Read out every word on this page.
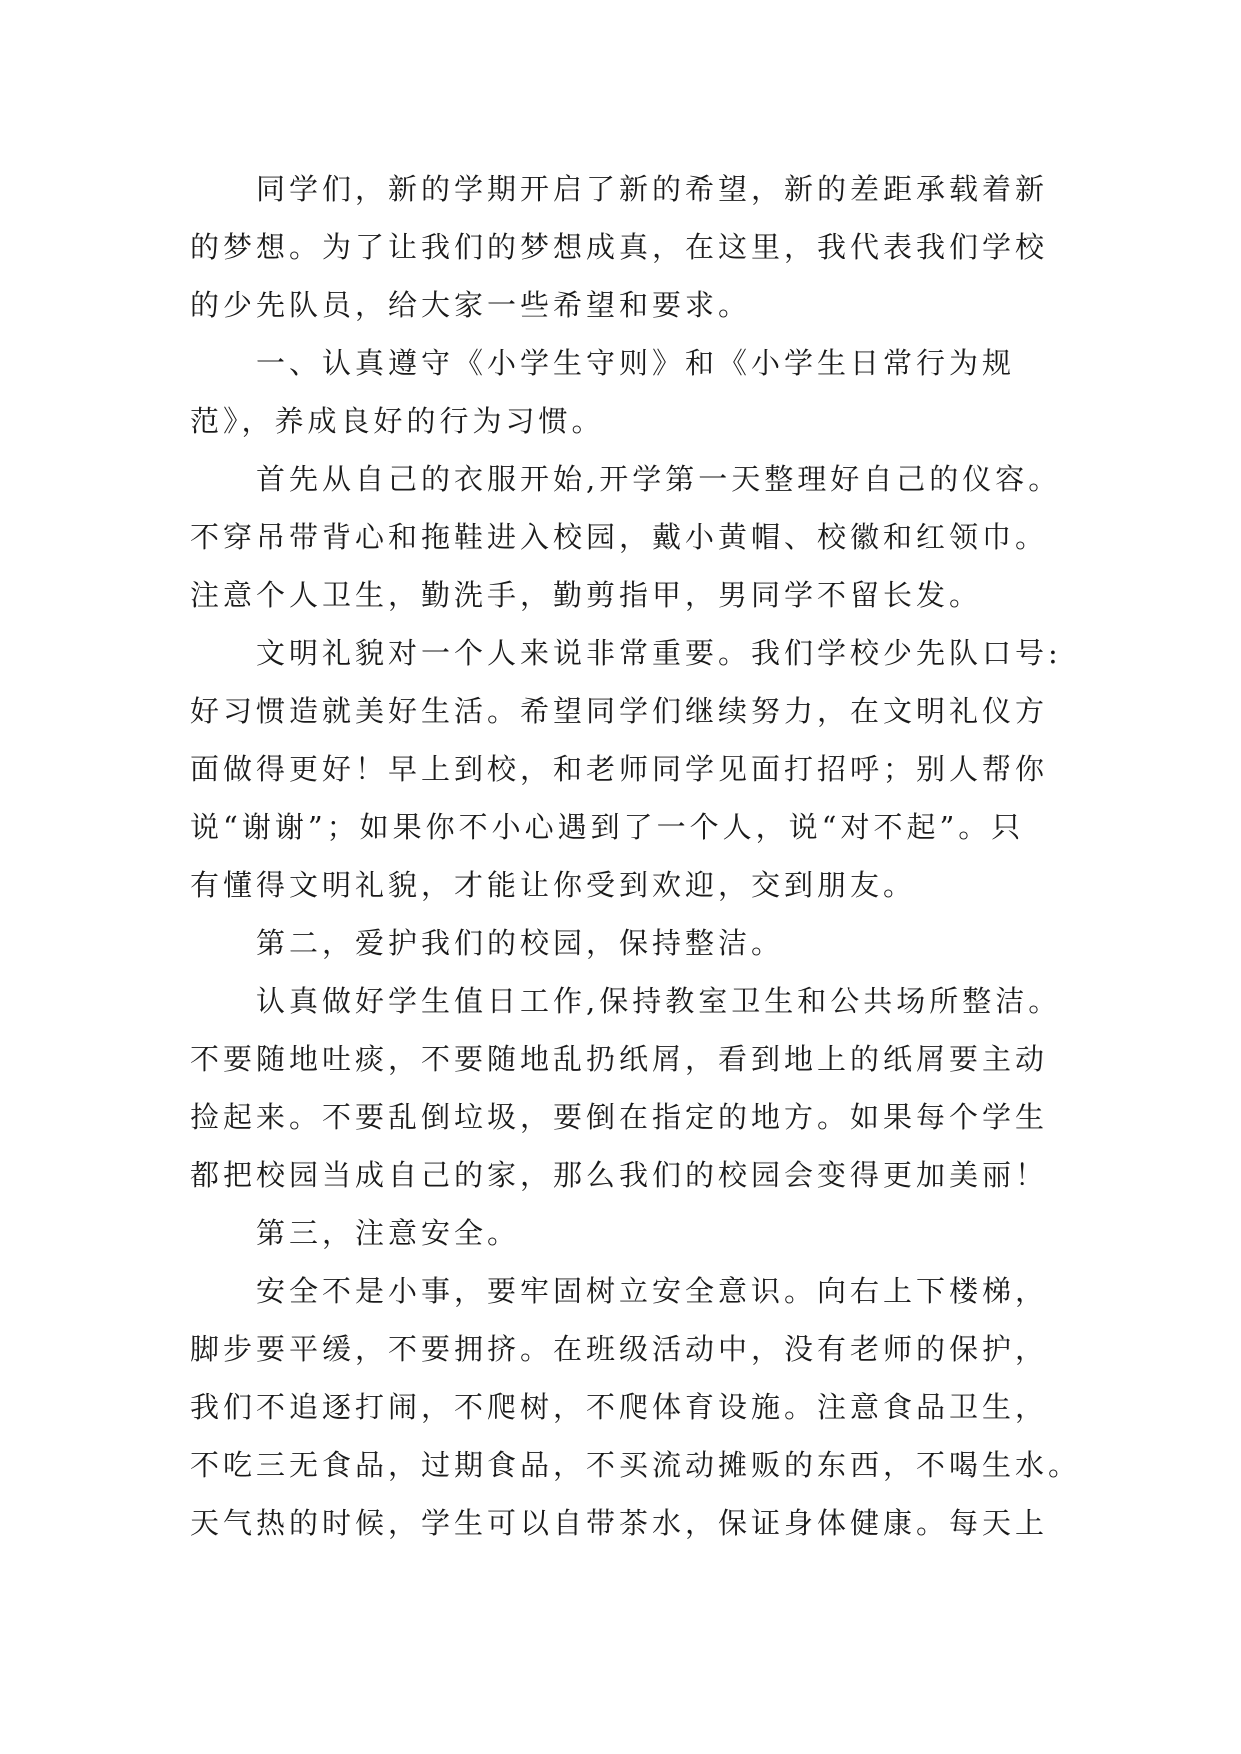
　　同学们，新的学期开启了新的希望，新的差距承载着新
的梦想。为了让我们的梦想成真，在这里，我代表我们学校
的少先队员，给大家一些希望和要求。
　　一、认真遵守《小学生守则》和《小学生日常行为规
范》，养成良好的行为习惯。
　　首先从自己的衣服开始,开学第一天整理好自己的仪容。
不穿吊带背心和拖鞋进入校园，戴小黄帽、校徽和红领巾。
注意个人卫生，勤洗手，勤剪指甲，男同学不留长发。
　　文明礼貌对一个人来说非常重要。我们学校少先队口号:
好习惯造就美好生活。希望同学们继续努力，在文明礼仪方
面做得更好！早上到校，和老师同学见面打招呼；别人帮你
说“谢谢”；如果你不小心遇到了一个人，说“对不起”。只
有懂得文明礼貌，才能让你受到欢迎，交到朋友。
　　第二，爱护我们的校园，保持整洁。
　　认真做好学生值日工作,保持教室卫生和公共场所整洁。
不要随地吐痰，不要随地乱扔纸屑，看到地上的纸屑要主动
捡起来。不要乱倒垃圾，要倒在指定的地方。如果每个学生
都把校园当成自己的家，那么我们的校园会变得更加美丽！
　　第三，注意安全。
　　安全不是小事，要牢固树立安全意识。向右上下楼梯，
脚步要平缓，不要拥挤。在班级活动中，没有老师的保护，
我们不追逐打闹，不爬树，不爬体育设施。注意食品卫生，
不吃三无食品，过期食品，不买流动摊贩的东西，不喝生水。
天气热的时候，学生可以自带茶水，保证身体健康。每天上
